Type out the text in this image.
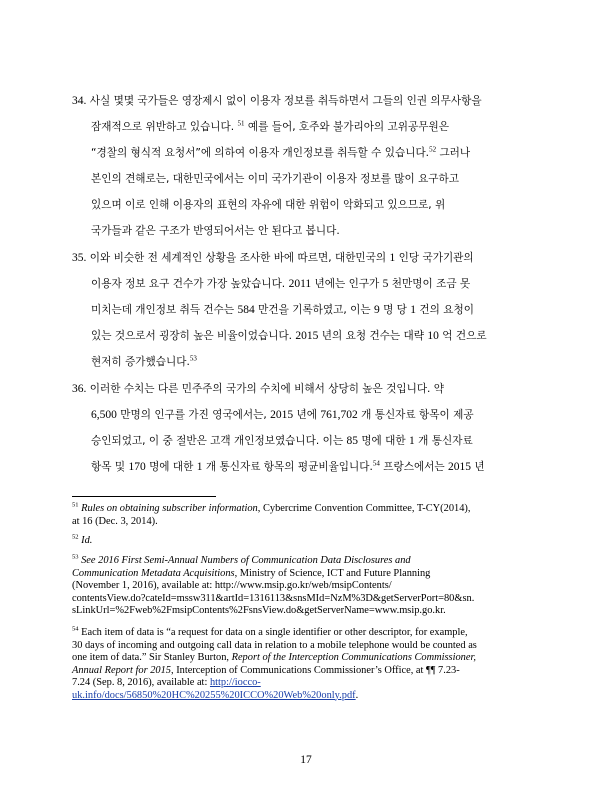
34. 사실 몇몇 국가들은 영장제시 없이 이용자 정보를 취득하면서 그들의 인권 의무사항을
잠재적으로 위반하고 있습니다. $^{51}$ 예를 들어, 호주와 불가리아의 고위공무원은
“경찰의 형식적 요청서”에 의하여 이용자 개인정보를 취득할 수 있습니다.$^{52}$ 그러나
본인의 견해로는, 대한민국에서는 이미 국가기관이 이용자 정보를 많이 요구하고
있으며 이로 인해 이용자의 표현의 자유에 대한 위험이 악화되고 있으므로, 위
국가들과 같은 구조가 반영되어서는 안 된다고 봅니다.
35. 이와 비슷한 전 세계적인 상황을 조사한 바에 따르면, 대한민국의 1 인당 국가기관의
이용자 정보 요구 건수가 가장 높았습니다. 2011 년에는 인구가 5 천만명이 조금 못
미치는데 개인정보 취득 건수는 584 만건을 기록하였고, 이는 9 명 당 1 건의 요청이
있는 것으로서 굉장히 높은 비율이었습니다. 2015 년의 요청 건수는 대략 10 억 건으로
현저히 증가했습니다.$^{53}$
36. 이러한 수치는 다른 민주주의 국가의 수치에 비해서 상당히 높은 것입니다. 약
6,500 만명의 인구를 가진 영국에서는, 2015 년에 761,702 개 통신자료 항목이 제공
승인되었고, 이 중 절반은 고객 개인정보였습니다. 이는 85 명에 대한 1 개 통신자료
항목 및 170 명에 대한 1 개 통신자료 항목의 평균비율입니다.$^{54}$ 프랑스에서는 2015 년
$^{51}$ Rules on obtaining subscriber information, Cybercrime Convention Committee, T-CY(2014),
at 16 (Dec. 3, 2014).
$^{52}$ Id.
$^{53}$ See 2016 First Semi-Annual Numbers of Communication Data Disclosures and
Communication Metadata Acquisitions, Ministry of Science, ICT and Future Planning
(November 1, 2016), available at: http://www.msip.go.kr/web/msipContents/
contentsView.do?cateId=mssw311&artId=1316113&snsMId=NzM%3D&getServerPort=80&sn.
sLinkUrl=%2Fweb%2FmsipContents%2FsnsView.do&getServerName=www.msip.go.kr.
$^{54}$ Each item of data is “a request for data on a single identifier or other descriptor, for example,
30 days of incoming and outgoing call data in relation to a mobile telephone would be counted as
one item of data.” Sir Stanley Burton, Report of the Interception Communications Commissioner,
Annual Report for 2015, Interception of Communications Commissioner’s Office, at ¶¶ 7.23-
7.24 (Sep. 8, 2016), available at: http://iocco-
uk.info/docs/56850%20HC%20255%20ICCO%20Web%20only.pdf.
17
